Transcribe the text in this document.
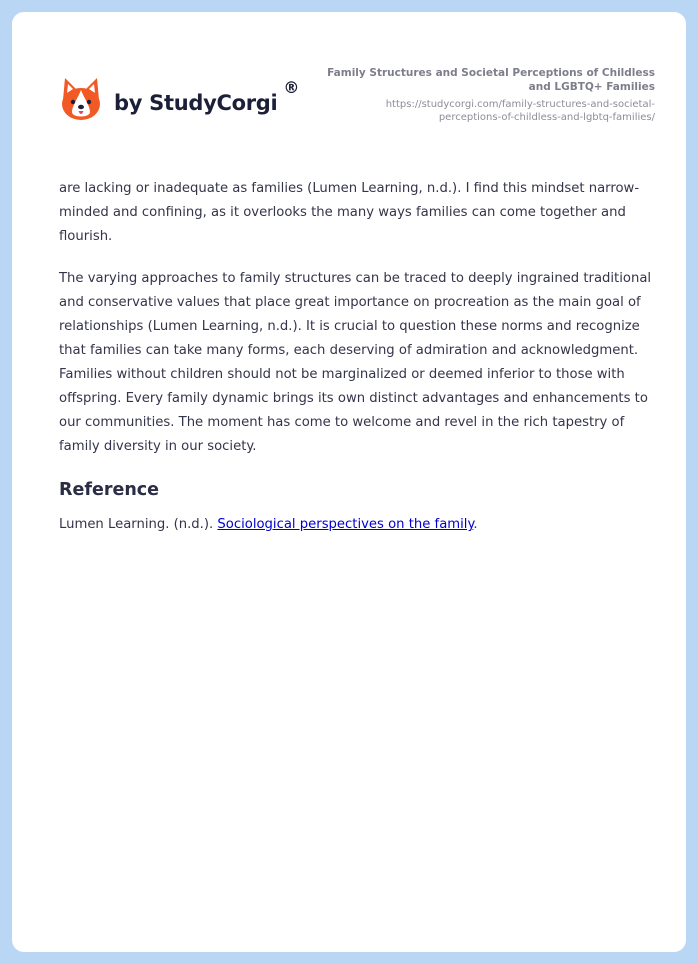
by StudyCorgi
®
Family Structures and Societal Perceptions of Childless and LGBTQ+ Families
https://studycorgi.com/family-structures-and-societal-perceptions-of-childless-and-lgbtq-families/

are lacking or inadequate as families (Lumen Learning, n.d.). I find this mindset narrow-minded and confining, as it overlooks the many ways families can come together and flourish.

The varying approaches to family structures can be traced to deeply ingrained traditional and conservative values that place great importance on procreation as the main goal of relationships (Lumen Learning, n.d.). It is crucial to question these norms and recognize that families can take many forms, each deserving of admiration and acknowledgment. Families without children should not be marginalized or deemed inferior to those with offspring. Every family dynamic brings its own distinct advantages and enhancements to our communities. The moment has come to welcome and revel in the rich tapestry of family diversity in our society.

Reference

Lumen Learning. (n.d.). Sociological perspectives on the family.
